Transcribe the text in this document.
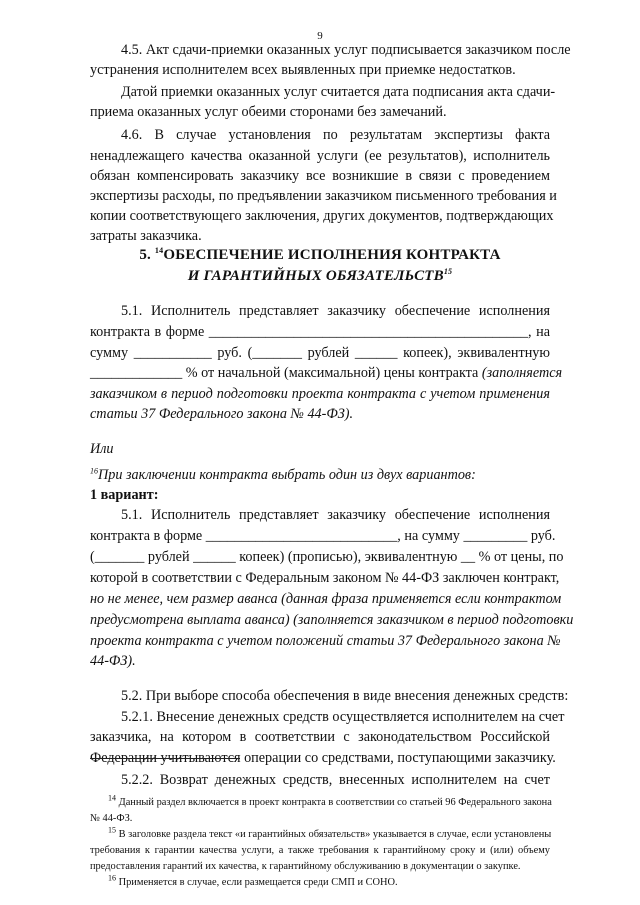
9
4.5. Акт сдачи-приемки оказанных услуг подписывается заказчиком после
устранения исполнителем всех выявленных при приемке недостатков.
Датой приемки оказанных услуг считается дата подписания акта сдачи-
приема оказанных услуг обеими сторонами без замечаний.
4.6. В случае установления по результатам экспертизы факта
ненадлежащего качества оказанной услуги (ее результатов), исполнитель
обязан компенсировать заказчику все возникшие в связи с проведением
экспертизы расходы, по предъявлении заказчиком письменного требования и
копии соответствующего заключения, других документов, подтверждающих
затраты заказчика.
5. $^{14}$ОБЕСПЕЧЕНИЕ ИСПОЛНЕНИЯ КОНТРАКТА
И ГАРАНТИЙНЫХ ОБЯЗАТЕЛЬСТВ$^{15}$
5.1. Исполнитель представляет заказчику обеспечение исполнения
контракта в форме _____________________________________________, на
сумму ___________ руб. (_______ рублей ______ копеек), эквивалентную
_____________ % от начальной (максимальной) цены контракта (заполняется
заказчиком в период подготовки проекта контракта с учетом применения
статьи 37 Федерального закона № 44-ФЗ).
Или
$^{16}$При заключении контракта выбрать один из двух вариантов:
1 вариант:
5.1. Исполнитель представляет заказчику обеспечение исполнения
контракта в форме ___________________________, на сумму _________ руб.
(_______ рублей ______ копеек) (прописью), эквивалентную __ % от цены, по
которой в соответствии с Федеральным законом № 44-ФЗ заключен контракт,
но не менее, чем размер аванса (данная фраза применяется если контрактом
предусмотрена выплата аванса) (заполняется заказчиком в период подготовки
проекта контракта с учетом положений статьи 37 Федерального закона №
44-ФЗ).
5.2. При выборе способа обеспечения в виде внесения денежных средств:
5.2.1. Внесение денежных средств осуществляется исполнителем на счет
заказчика, на котором в соответствии с законодательством Российской
Федерации учитываются операции со средствами, поступающими заказчику.
5.2.2. Возврат денежных средств, внесенных исполнителем на счет
$^{14}$ Данный раздел включается в проект контракта в соответствии со статьей 96 Федерального закона
№ 44-ФЗ.
$^{15}$ В заголовке раздела текст «и гарантийных обязательств» указывается в случае, если установлены
требования к гарантии качества услуги, а также требования к гарантийному сроку и (или) объему
предоставления гарантий их качества, к гарантийному обслуживанию в документации о закупке.
$^{16}$ Применяется в случае, если размещается среди СМП и СОНО.
